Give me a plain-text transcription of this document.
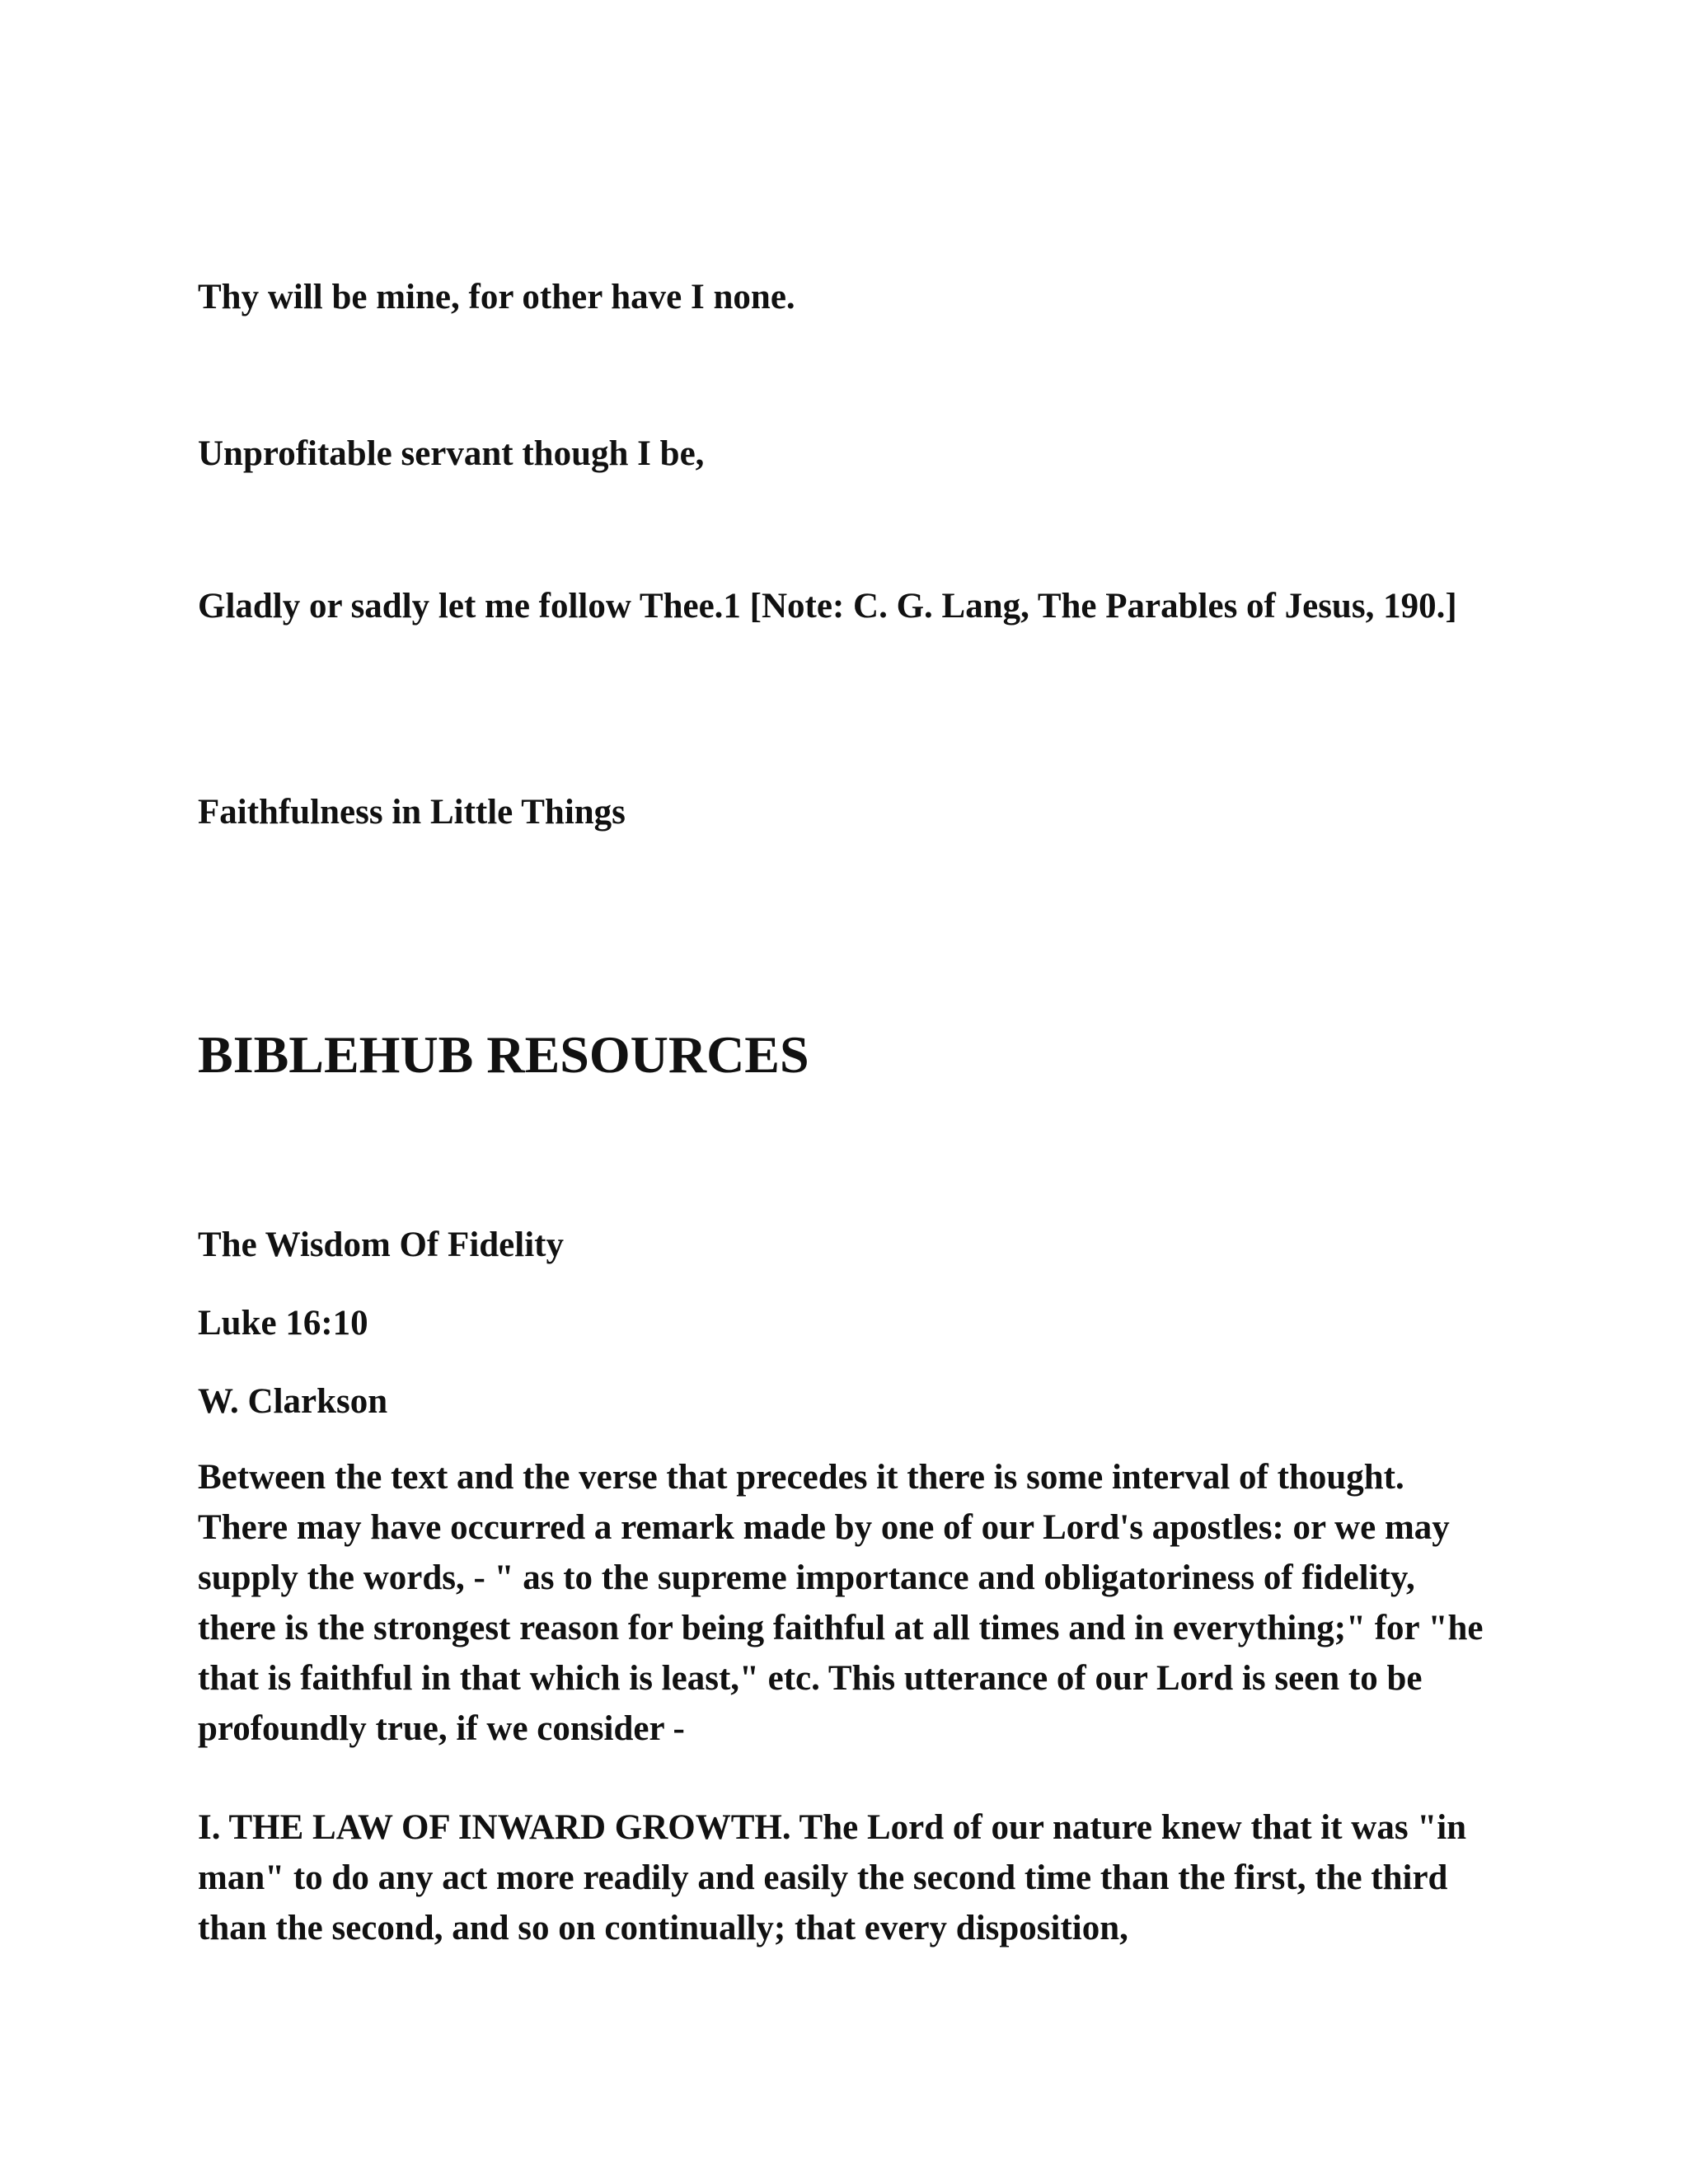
Thy will be mine, for other have I none.

Unprofitable servant though I be,

Gladly or sadly let me follow Thee.1 [Note: C. G. Lang, The Parables of Jesus, 190.]

Faithfulness in Little Things

BIBLEHUB RESOURCES

The Wisdom Of Fidelity

Luke 16:10

W. Clarkson

Between the text and the verse that precedes it there is some interval of thought. There may have occurred a remark made by one of our Lord's apostles: or we may supply the words, - " as to the supreme importance and obligatoriness of fidelity, there is the strongest reason for being faithful at all times and in everything;" for "he that is faithful in that which is least," etc. This utterance of our Lord is seen to be profoundly true, if we consider -

I. THE LAW OF INWARD GROWTH. The Lord of our nature knew that it was "in man" to do any act more readily and easily the second time than the first, the third than the second, and so on continually; that every disposition,
